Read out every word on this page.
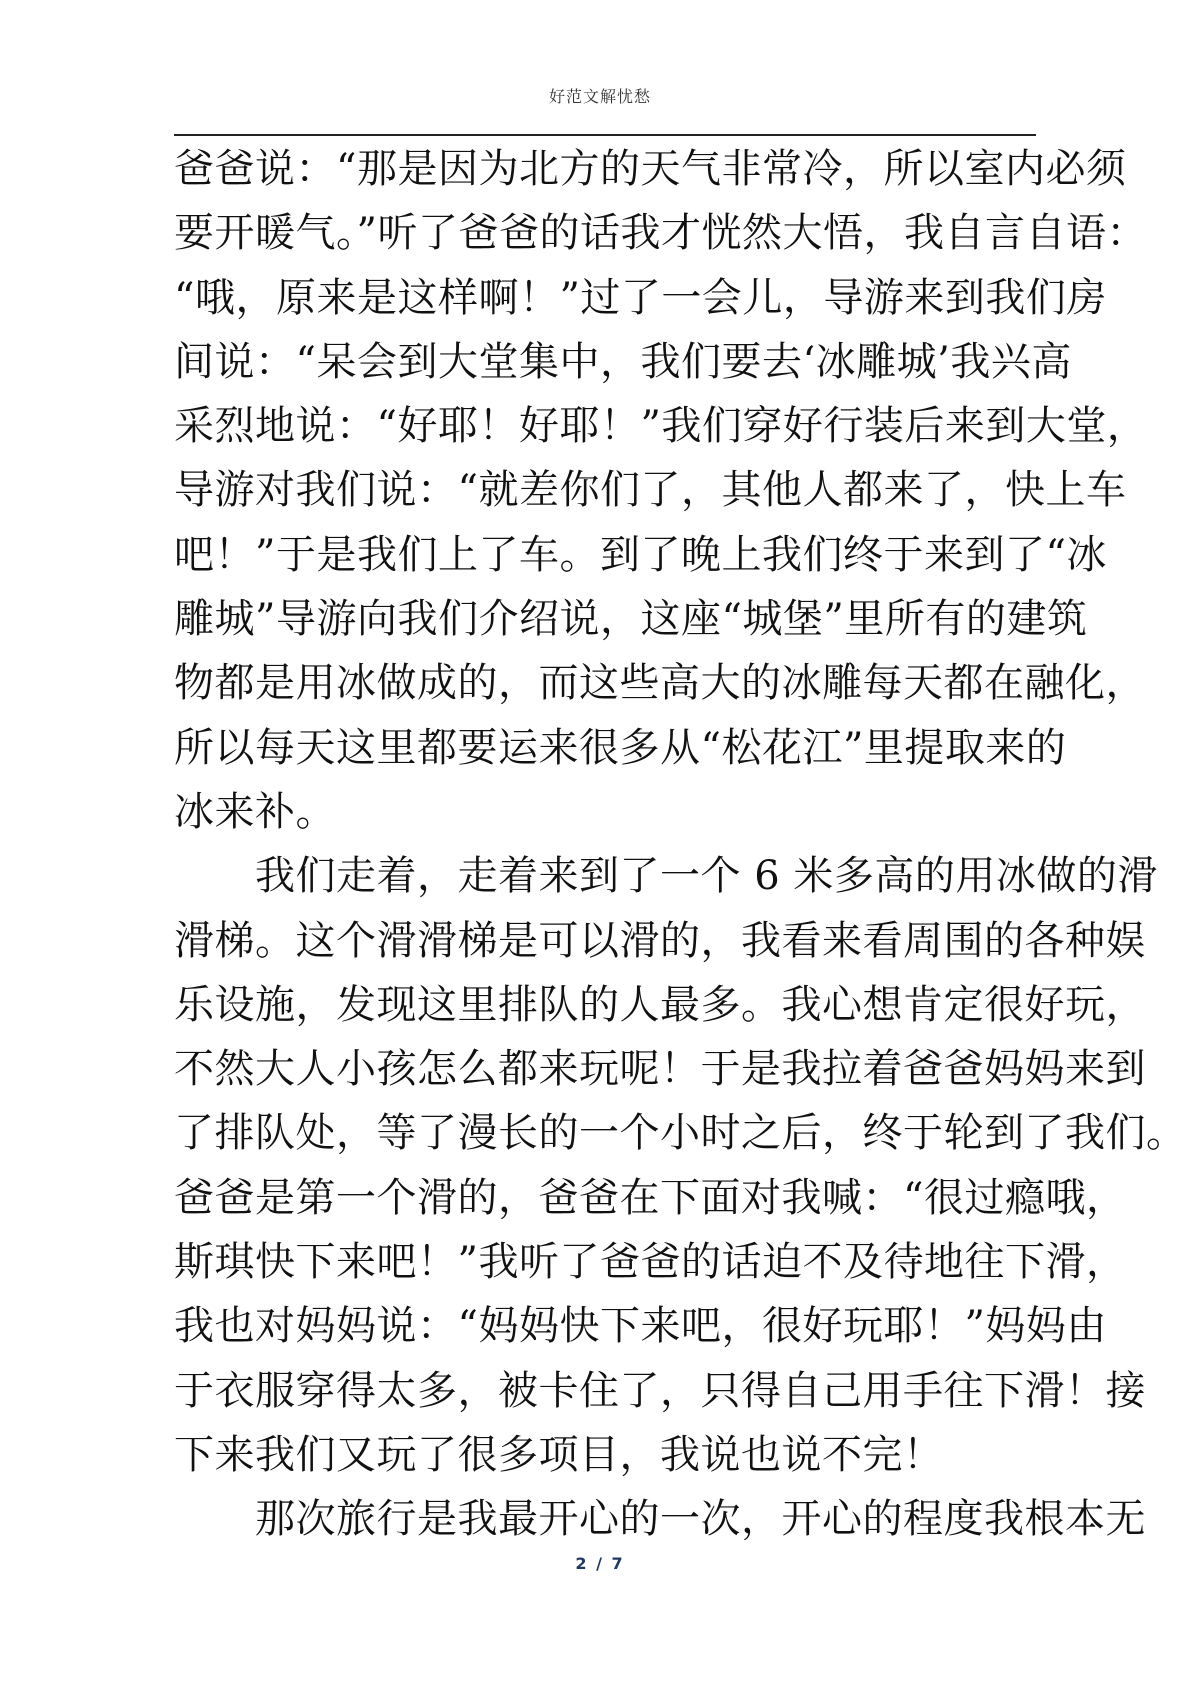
好范文解忧愁
爸爸说：“那是因为北方的天气非常冷，所以室内必须
要开暖气。”听了爸爸的话我才恍然大悟，我自言自语：
“哦，原来是这样啊！”过了一会儿，导游来到我们房
间说：“呆会到大堂集中，我们要去‘冰雕城’我兴高
采烈地说：“好耶！好耶！”我们穿好行装后来到大堂，
导游对我们说：“就差你们了，其他人都来了，快上车
吧！”于是我们上了车。到了晚上我们终于来到了“冰
雕城”导游向我们介绍说，这座“城堡”里所有的建筑
物都是用冰做成的，而这些高大的冰雕每天都在融化，
所以每天这里都要运来很多从“松花江”里提取来的
冰来补。
　　我们走着，走着来到了一个 6 米多高的用冰做的滑
滑梯。这个滑滑梯是可以滑的，我看来看周围的各种娱
乐设施，发现这里排队的人最多。我心想肯定很好玩，
不然大人小孩怎么都来玩呢！于是我拉着爸爸妈妈来到
了排队处，等了漫长的一个小时之后，终于轮到了我们。
爸爸是第一个滑的，爸爸在下面对我喊：“很过瘾哦，
斯琪快下来吧！”我听了爸爸的话迫不及待地往下滑，
我也对妈妈说：“妈妈快下来吧，很好玩耶！”妈妈由
于衣服穿得太多，被卡住了，只得自己用手往下滑！接
下来我们又玩了很多项目，我说也说不完！
　　那次旅行是我最开心的一次，开心的程度我根本无
2 / 7
